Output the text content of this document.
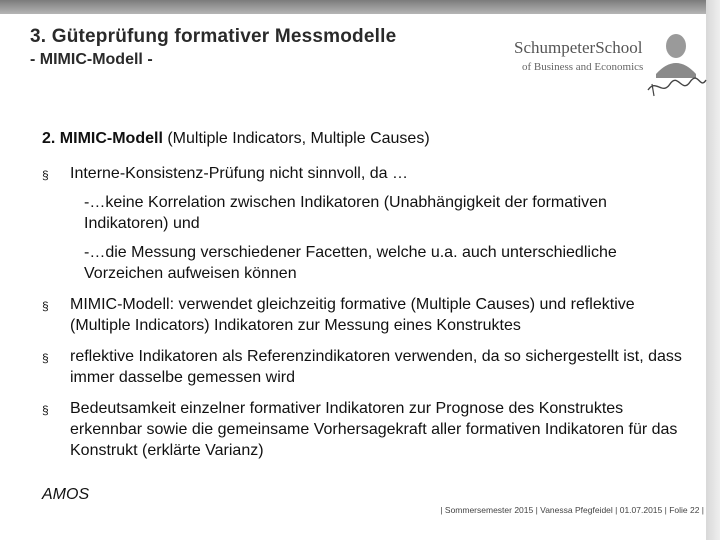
3. Güteprüfung formativer Messmodelle
- MIMIC-Modell -
SchumpeterSchool
of Business and Economics
2. MIMIC-Modell (Multiple Indicators, Multiple Causes)
§ Interne-Konsistenz-Prüfung nicht sinnvoll, da …
-…keine Korrelation zwischen Indikatoren (Unabhängigkeit der formativen Indikatoren) und
-…die Messung verschiedener Facetten, welche u.a. auch unterschiedliche Vorzeichen aufweisen können
§ MIMIC-Modell: verwendet gleichzeitig formative (Multiple Causes) und reflektive (Multiple Indicators) Indikatoren zur Messung eines Konstruktes
§ reflektive Indikatoren als Referenzindikatoren verwenden, da so sichergestellt ist, dass immer dasselbe gemessen wird
§ Bedeutsamkeit einzelner formativer Indikatoren zur Prognose des Konstruktes erkennbar sowie die gemeinsame Vorhersagekraft aller formativen Indikatoren für das Konstrukt (erklärte Varianz)
AMOS
| Sommersemester 2015 | Vanessa Pfegfeidel | 01.07.2015 | Folie 22 |
